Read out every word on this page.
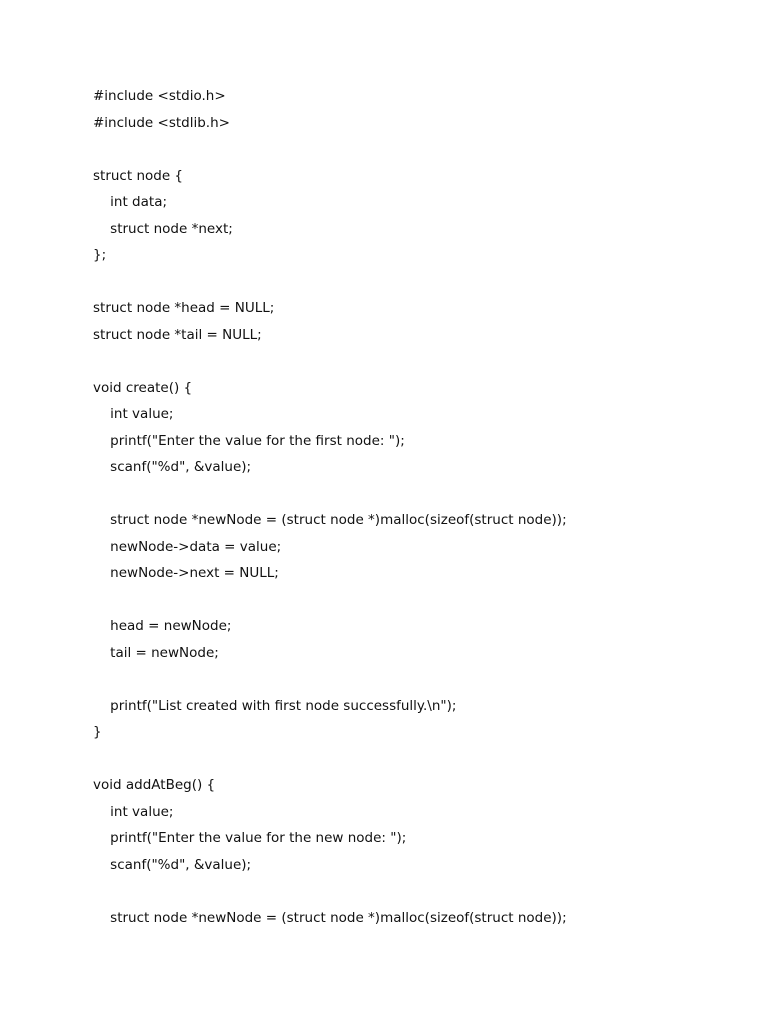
#include <stdio.h>
#include <stdlib.h>
struct node {
int data;
struct node *next;
};
struct node *head = NULL;
struct node *tail = NULL;
void create() {
int value;
printf("Enter the value for the first node: ");
scanf("%d", &value);
struct node *newNode = (struct node *)malloc(sizeof(struct node));
newNode->data = value;
newNode->next = NULL;
head = newNode;
tail = newNode;
printf("List created with first node successfully.\n");
}
void addAtBeg() {
int value;
printf("Enter the value for the new node: ");
scanf("%d", &value);
struct node *newNode = (struct node *)malloc(sizeof(struct node));
